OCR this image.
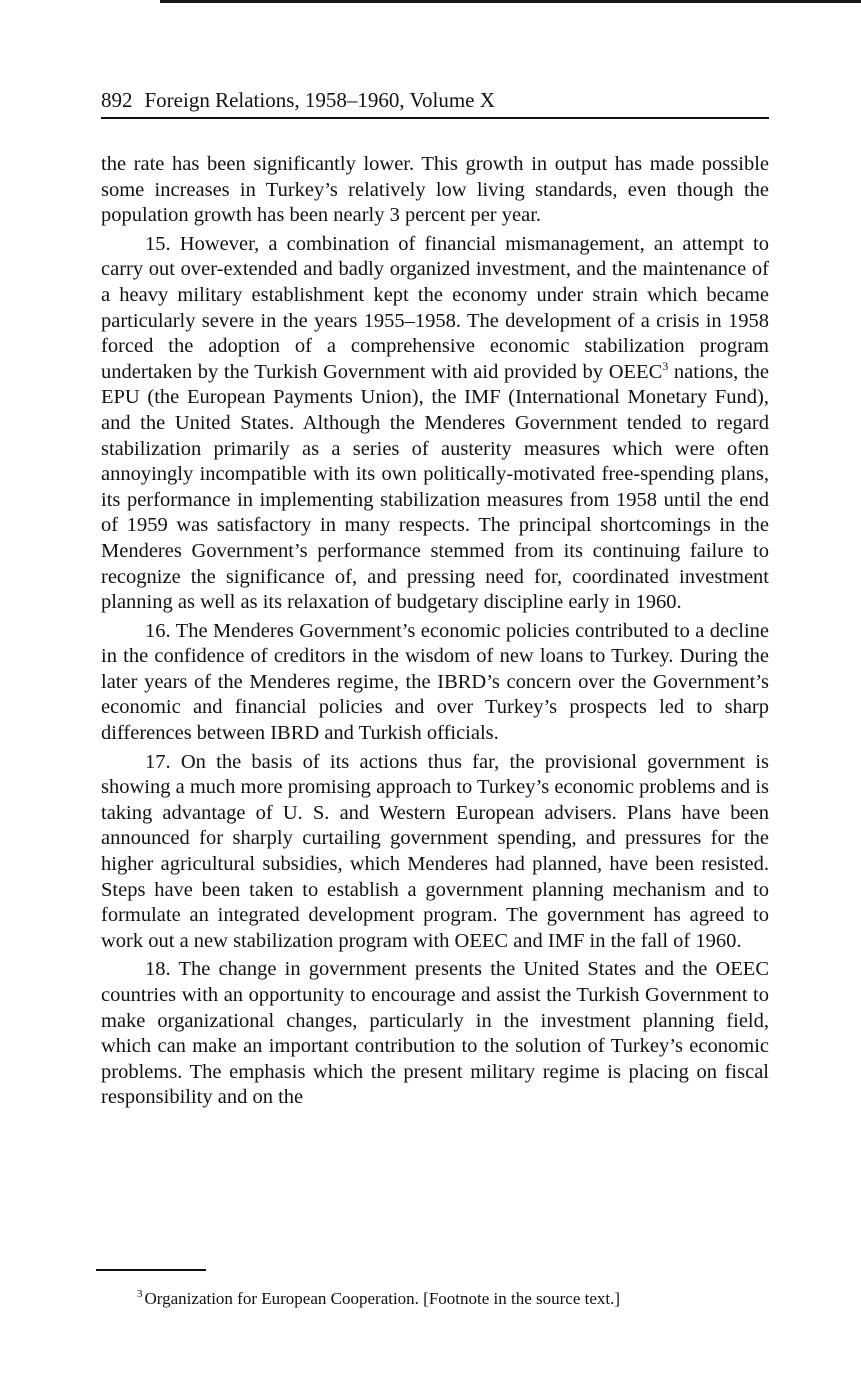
892 Foreign Relations, 1958–1960, Volume X

the rate has been significantly lower. This growth in output has made possible some increases in Turkey’s relatively low living standards, even though the population growth has been nearly 3 percent per year.

15. However, a combination of financial mismanagement, an attempt to carry out over-extended and badly organized investment, and the maintenance of a heavy military establishment kept the economy under strain which became particularly severe in the years 1955–1958. The development of a crisis in 1958 forced the adoption of a comprehensive economic stabilization program undertaken by the Turkish Government with aid provided by OEEC$^3$ nations, the EPU (the European Payments Union), the IMF (International Monetary Fund), and the United States. Although the Menderes Government tended to regard stabilization primarily as a series of austerity measures which were often annoyingly incompatible with its own politically-motivated free-spending plans, its performance in implementing stabilization measures from 1958 until the end of 1959 was satisfactory in many respects. The principal shortcomings in the Menderes Government’s performance stemmed from its continuing failure to recognize the significance of, and pressing need for, coordinated investment planning as well as its relaxation of budgetary discipline early in 1960.

16. The Menderes Government’s economic policies contributed to a decline in the confidence of creditors in the wisdom of new loans to Turkey. During the later years of the Menderes regime, the IBRD’s concern over the Government’s economic and financial policies and over Turkey’s prospects led to sharp differences between IBRD and Turkish officials.

17. On the basis of its actions thus far, the provisional government is showing a much more promising approach to Turkey’s economic problems and is taking advantage of U. S. and Western European advisers. Plans have been announced for sharply curtailing government spending, and pressures for the higher agricultural subsidies, which Menderes had planned, have been resisted. Steps have been taken to establish a government planning mechanism and to formulate an integrated development program. The government has agreed to work out a new stabilization program with OEEC and IMF in the fall of 1960.

18. The change in government presents the United States and the OEEC countries with an opportunity to encourage and assist the Turkish Government to make organizational changes, particularly in the investment planning field, which can make an important contribution to the solution of Turkey’s economic problems. The emphasis which the present military regime is placing on fiscal responsibility and on the

$^3$ Organization for European Cooperation. [Footnote in the source text.]
